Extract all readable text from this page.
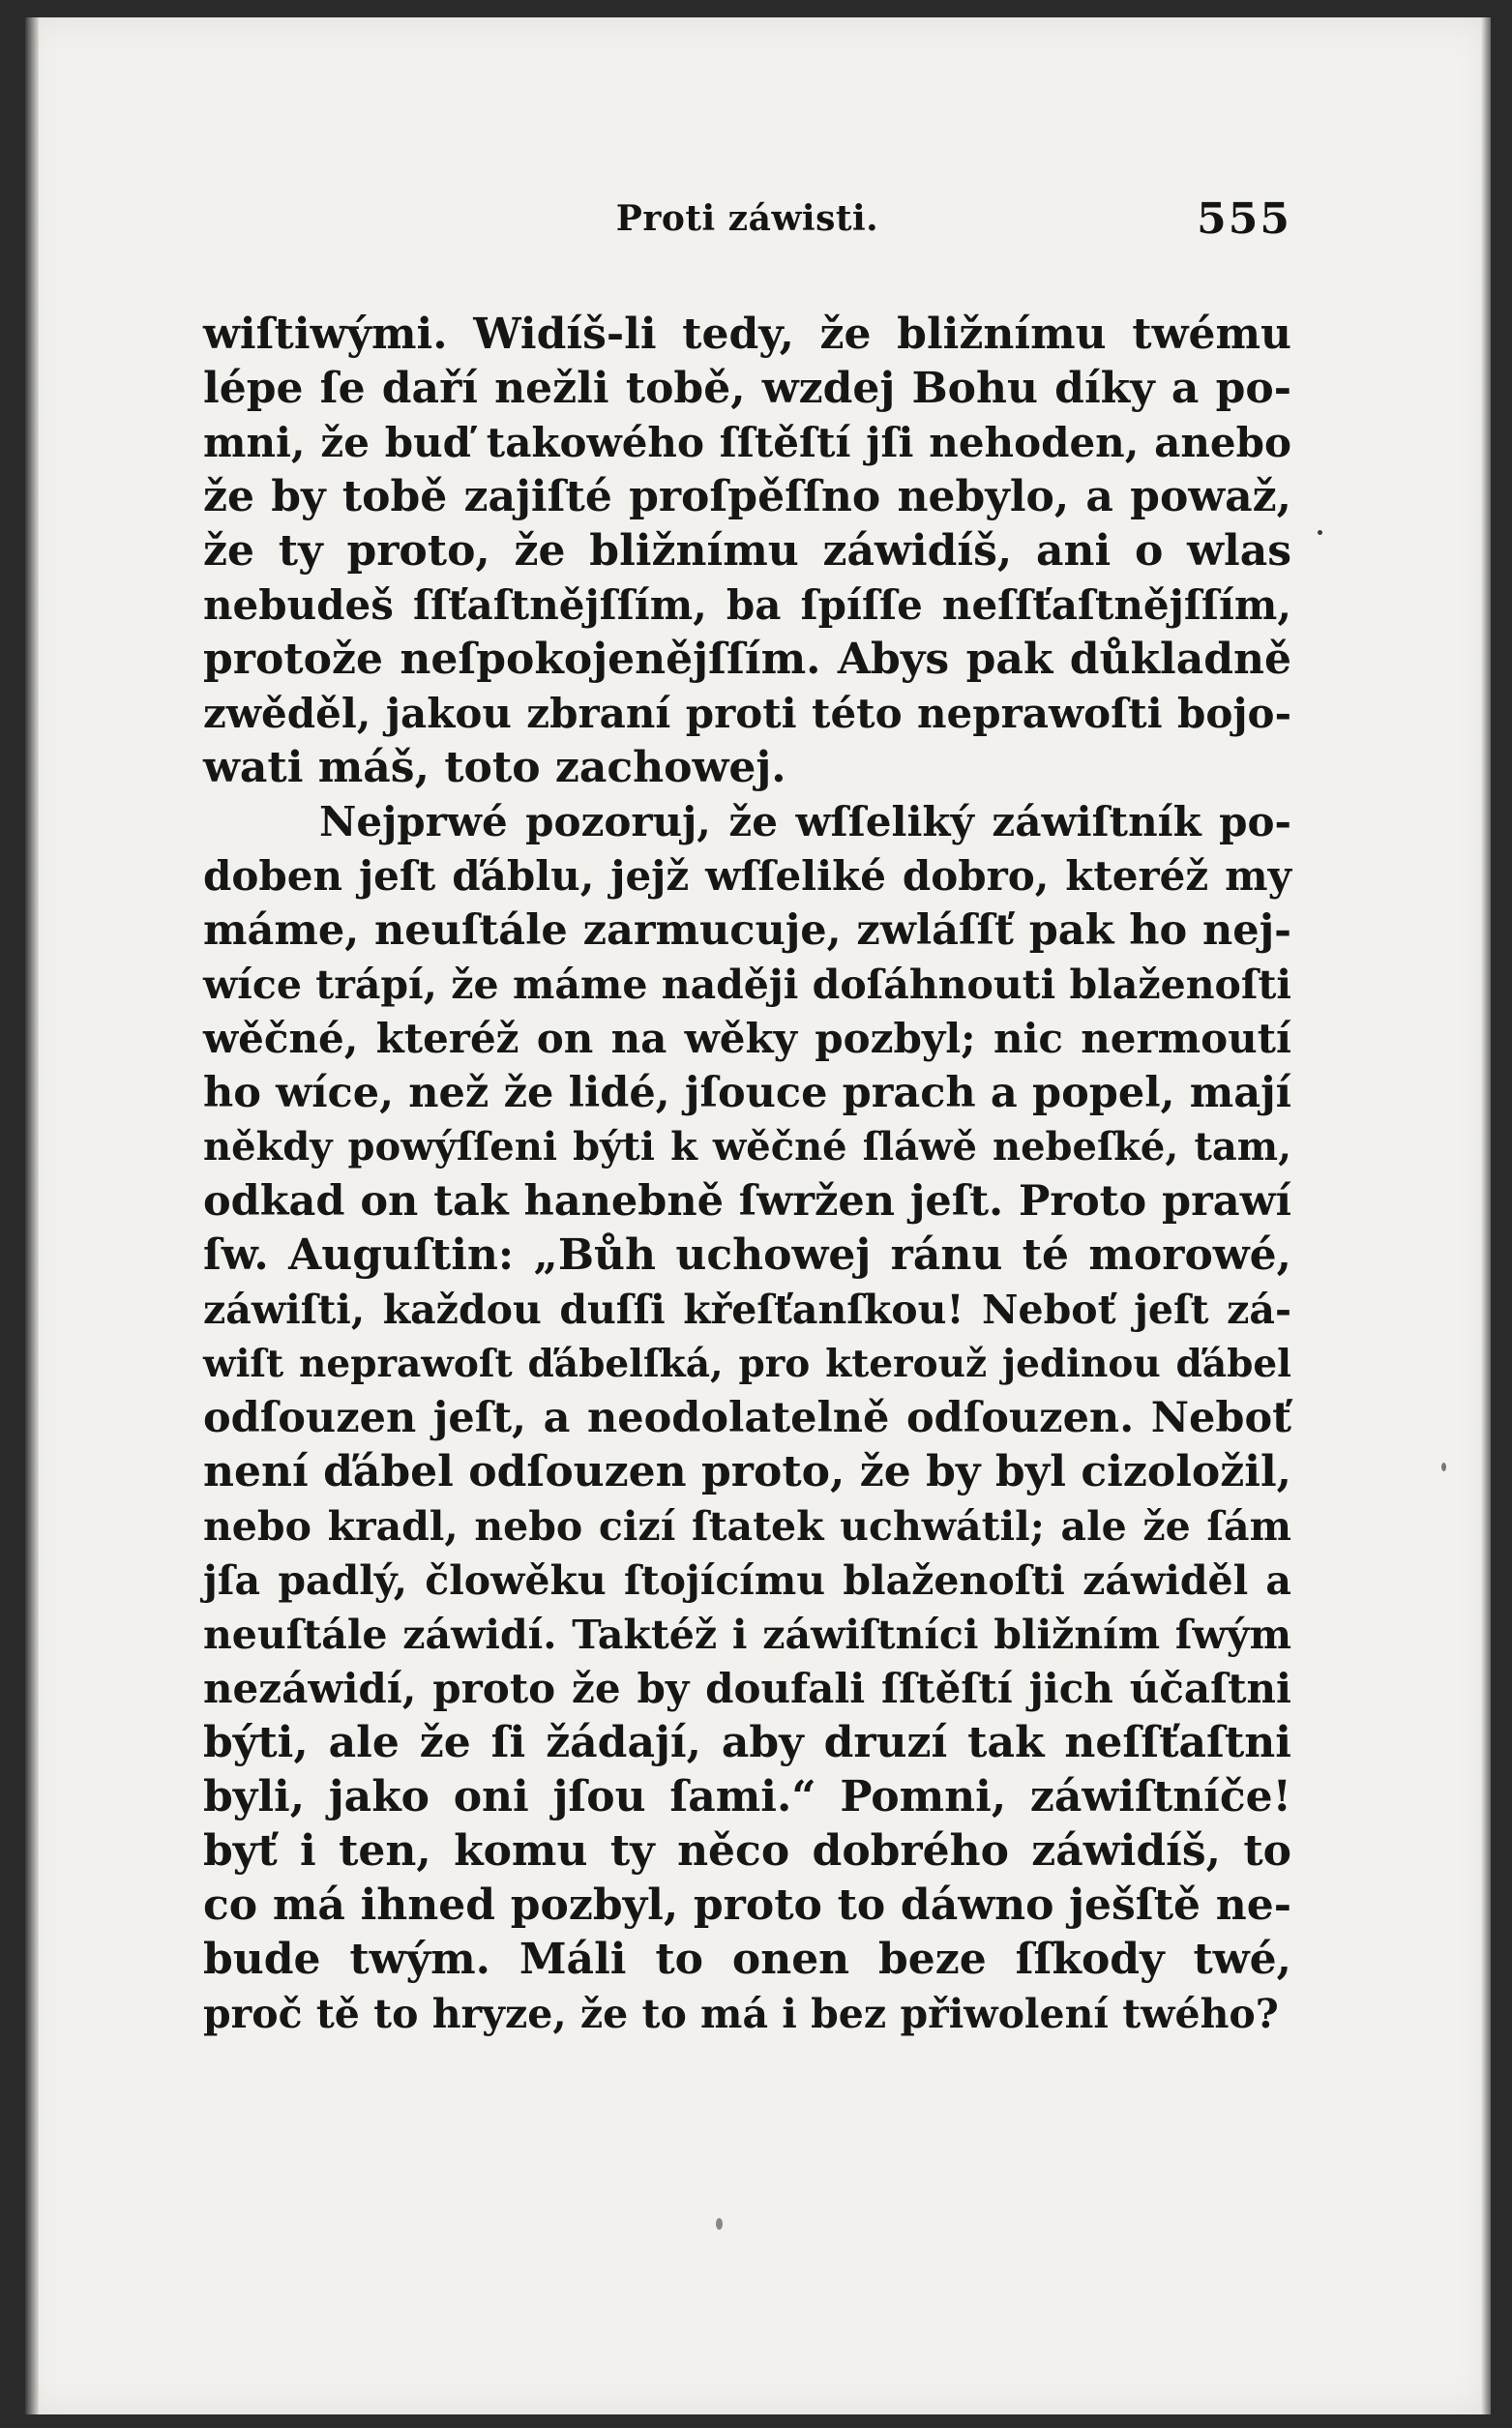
Proti záwisti.	555
wiſtiwými. Widíš-li tedy, že bližnímu twému
lépe ſe daří nežli tobě, wzdej Bohu díky a po-
mni, že buď takowého ſſtěſtí jſi nehoden, anebo
že by tobě zajiſté proſpěſſno nebylo, a powaž,
že ty proto, že bližnímu záwidíš, ani o wlas
nebudeš ſſťaſtnějſſím, ba ſpíſſe neſſťaſtnějſſím,
protože neſpokojenějſſím. Abys pak důkladně
zwěděl, jakou zbraní proti této neprawoſti bojo-
wati máš, toto zachowej.
Nejprwé pozoruj, že wſſeliký záwiſtník po-
doben jeſt ďáblu, jejž wſſeliké dobro, kteréž my
máme, neuſtále zarmucuje, zwláſſť pak ho nej-
wíce trápí, že máme naději doſáhnouti blaženoſti
wěčné, kteréž on na wěky pozbyl; nic nermoutí
ho wíce, než že lidé, jſouce prach a popel, mají
někdy powýſſeni býti k wěčné ſláwě nebeſké, tam,
odkad on tak hanebně ſwržen jeſt. Proto prawí
ſw. Auguſtin: „Bůh uchowej ránu té morowé,
záwiſti, každou duſſi křeſťanſkou! Neboť jeſt zá-
wiſt neprawoſt ďábelſká, pro kterouž jedinou ďábel
odſouzen jeſt, a neodolatelně odſouzen. Neboť
není ďábel odſouzen proto, že by byl cizoložil,
nebo kradl, nebo cizí ſtatek uchwátil; ale že ſám
jſa padlý, člowěku ſtojícímu blaženoſti záwiděl a
neuſtále záwidí. Taktéž i záwiſtníci bližním ſwým
nezáwidí, proto že by doufali ſſtěſtí jich účaſtni
býti, ale že ſi žádají, aby druzí tak neſſťaſtni
byli, jako oni jſou ſami.“ Pomni, záwiſtníče!
byť i ten, komu ty něco dobrého záwidíš, to
co má ihned pozbyl, proto to dáwno ješſtě ne-
bude twým. Máli to onen beze ſſkody twé,
proč tě to hryze, že to má i bez přiwolení twého?
